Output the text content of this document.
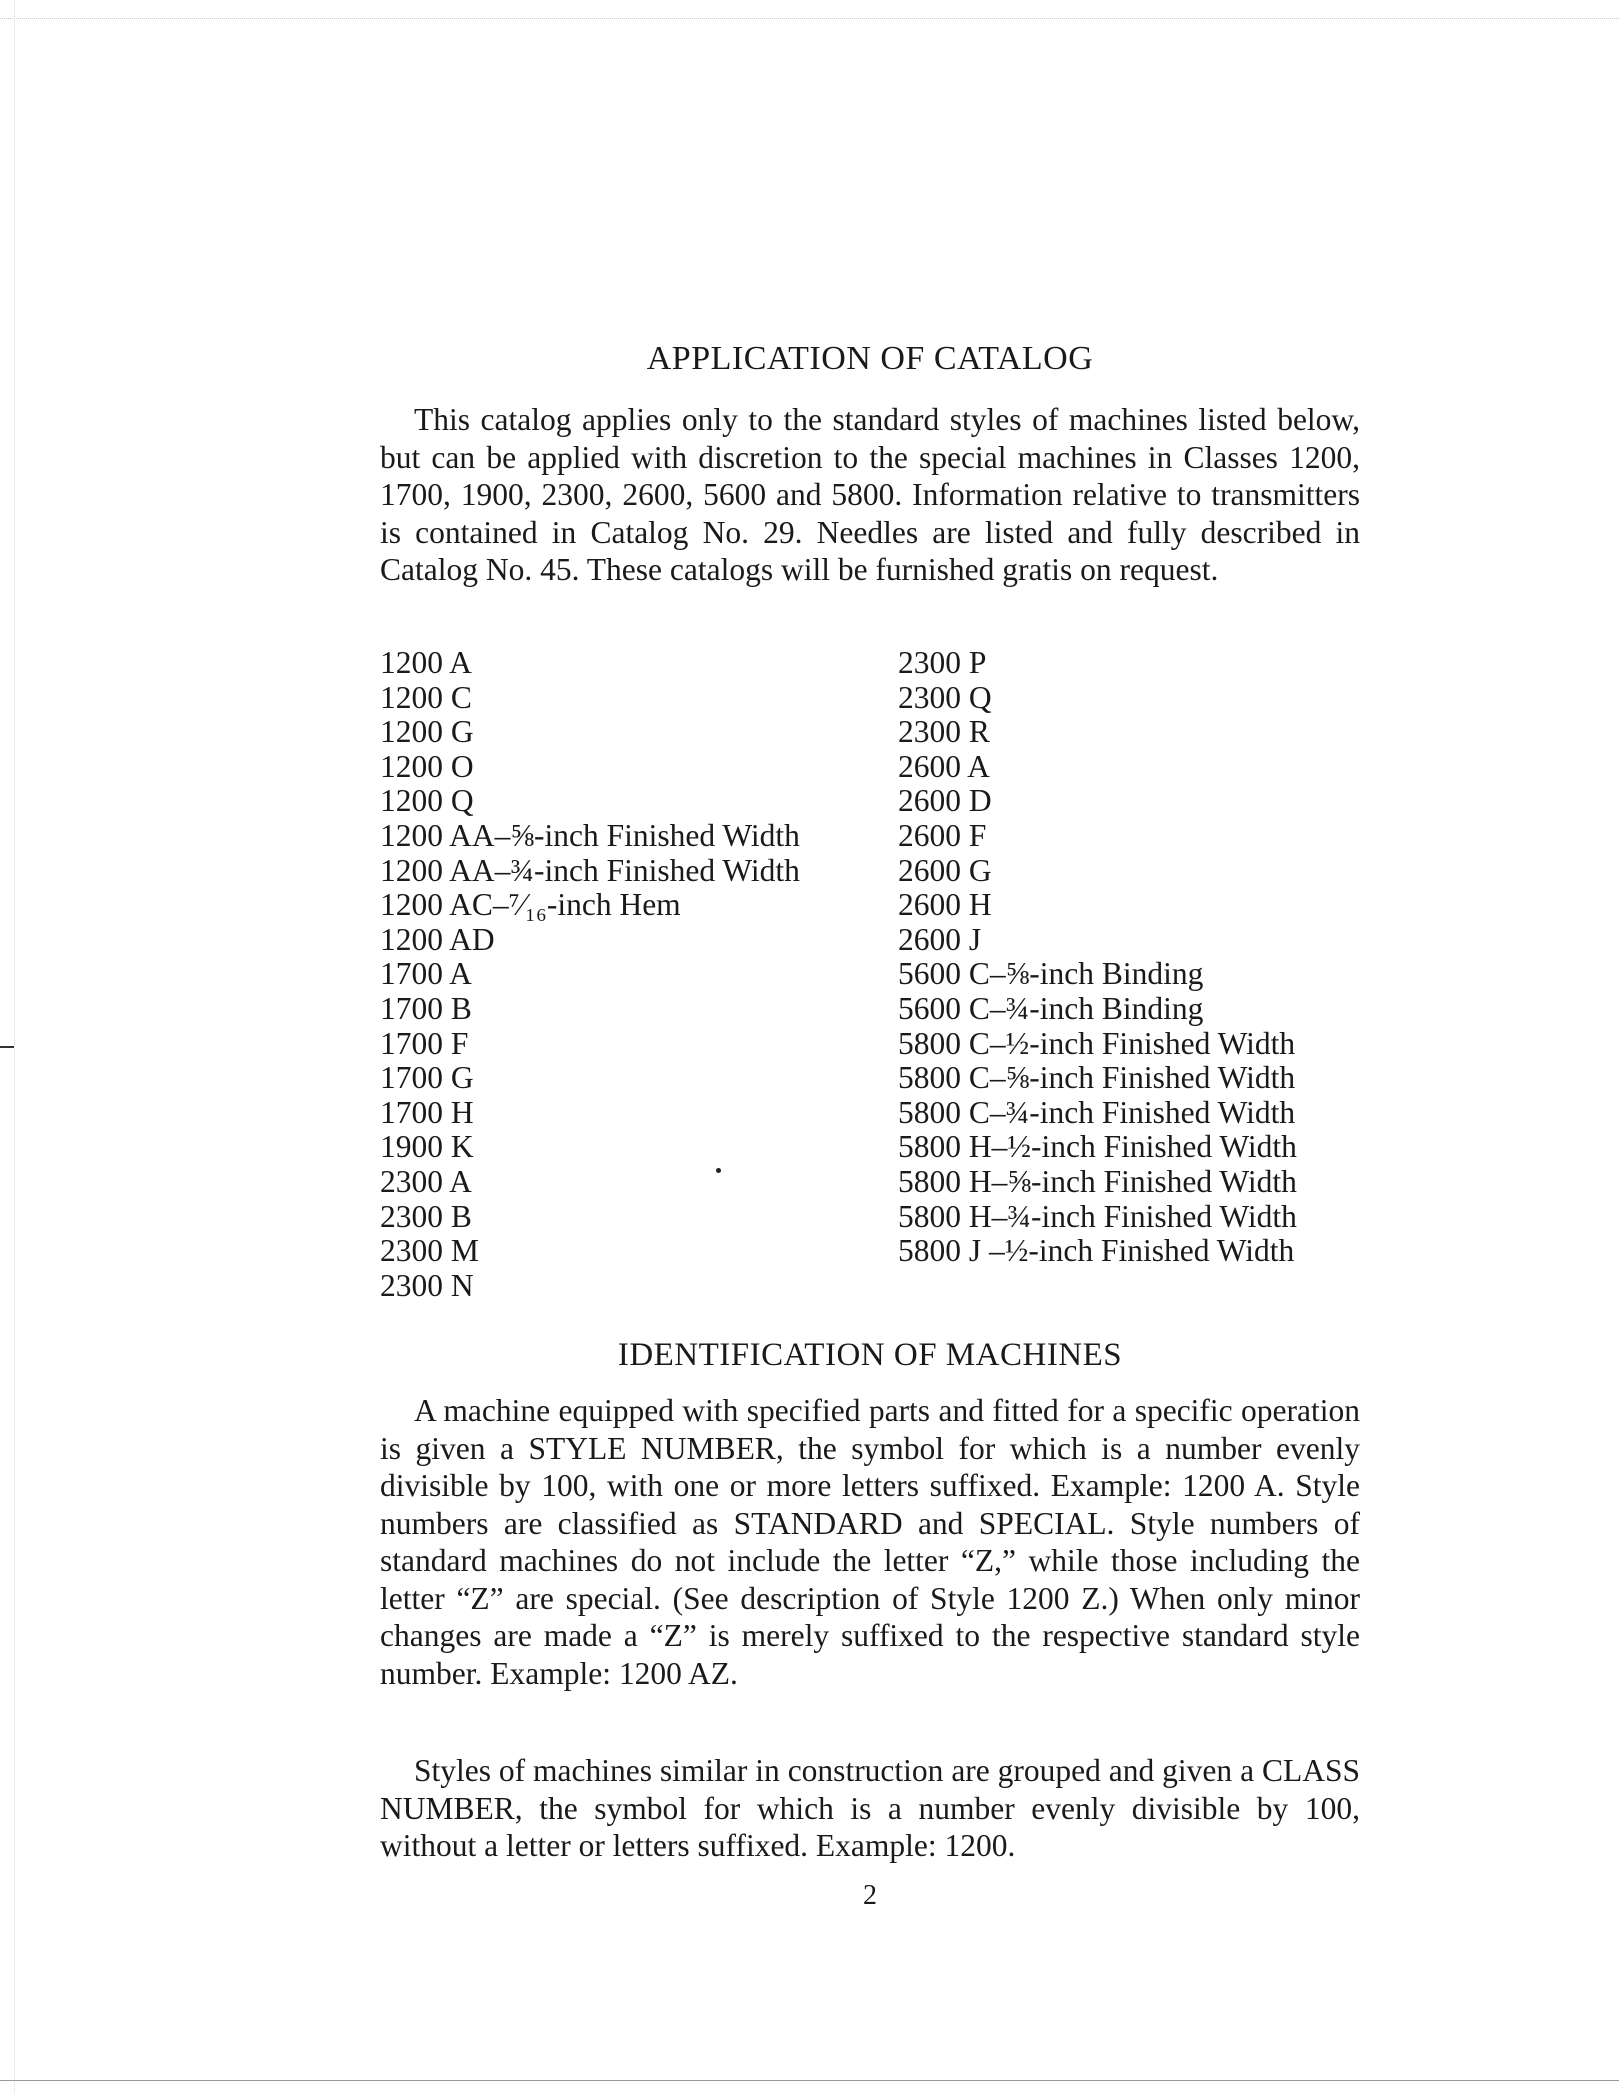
APPLICATION OF CATALOG

This catalog applies only to the standard styles of machines listed below, but can be applied with discretion to the special machines in Classes 1200, 1700, 1900, 2300, 2600, 5600 and 5800. Information relative to transmitters is contained in Catalog No. 29. Needles are listed and fully described in Catalog No. 45. These catalogs will be furnished gratis on request.

1200 A
1200 C
1200 G
1200 O
1200 Q
1200 AA–⅝-inch Finished Width
1200 AA–¾-inch Finished Width
1200 AC–⁷⁄₁₆-inch Hem
1200 AD
1700 A
1700 B
1700 F
1700 G
1700 H
1900 K
2300 A
2300 B
2300 M
2300 N
2300 P
2300 Q
2300 R
2600 A
2600 D
2600 F
2600 G
2600 H
2600 J
5600 C–⅝-inch Binding
5600 C–¾-inch Binding
5800 C–½-inch Finished Width
5800 C–⅝-inch Finished Width
5800 C–¾-inch Finished Width
5800 H–½-inch Finished Width
5800 H–⅝-inch Finished Width
5800 H–¾-inch Finished Width
5800 J –½-inch Finished Width
IDENTIFICATION OF MACHINES

A machine equipped with specified parts and fitted for a specific operation is given a STYLE NUMBER, the symbol for which is a number evenly divisible by 100, with one or more letters suffixed. Example: 1200 A. Style numbers are classified as STANDARD and SPECIAL. Style numbers of standard machines do not include the letter “Z,” while those including the letter “Z” are special. (See description of Style 1200 Z.) When only minor changes are made a “Z” is merely suffixed to the respective standard style number. Example: 1200 AZ.

Styles of machines similar in construction are grouped and given a CLASS NUMBER, the symbol for which is a number evenly divisible by 100, without a letter or letters suffixed. Example: 1200.

2
